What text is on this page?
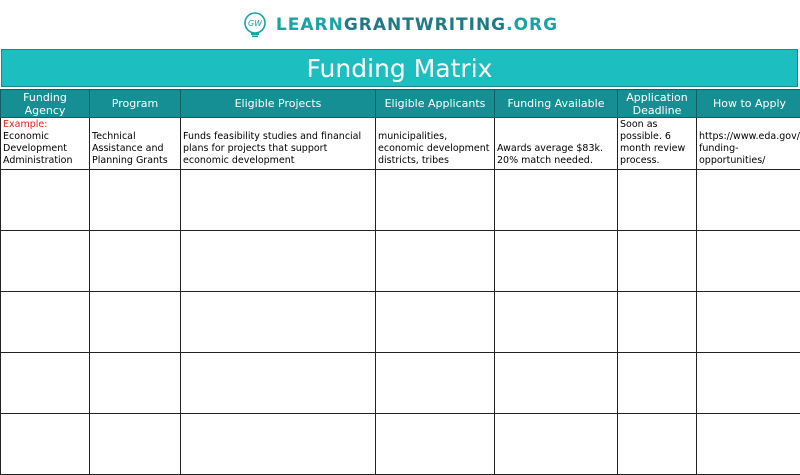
GW LEARNGRANTWRITING.ORG
Funding Matrix
Funding Agency	Program	Eligible Projects	Eligible Applicants	Funding Available	Application Deadline	How to Apply

Example:
Economic Development Administration	Technical Assistance and Planning Grants	Funds feasibility studies and financial plans for projects that support economic development	municipalities, economic development districts, tribes	Awards average $83k. 20% match needed.	Soon as possible. 6 month review process.	https://www.eda.gov/funding-opportunities/
